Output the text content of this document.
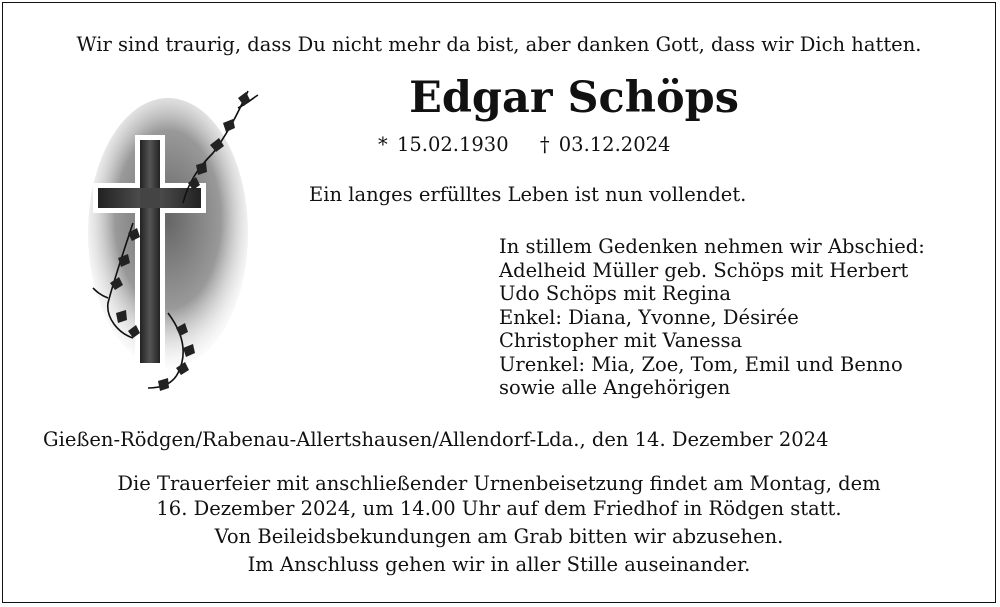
Wir sind traurig, dass Du nicht mehr da bist, aber danken Gott, dass wir Dich hatten.
Edgar Schöps
* 15.02.1930 † 03.12.2024
Ein langes erfülltes Leben ist nun vollendet.
In stillem Gedenken nehmen wir Abschied:
Adelheid Müller geb. Schöps mit Herbert
Udo Schöps mit Regina
Enkel: Diana, Yvonne, Désirée
Christopher mit Vanessa
Urenkel: Mia, Zoe, Tom, Emil und Benno
sowie alle Angehörigen
Gießen-Rödgen/Rabenau-Allertshausen/Allendorf-Lda., den 14. Dezember 2024
Die Trauerfeier mit anschließender Urnenbeisetzung findet am Montag, dem
16. Dezember 2024, um 14.00 Uhr auf dem Friedhof in Rödgen statt.
Von Beileidsbekundungen am Grab bitten wir abzusehen.
Im Anschluss gehen wir in aller Stille auseinander.
